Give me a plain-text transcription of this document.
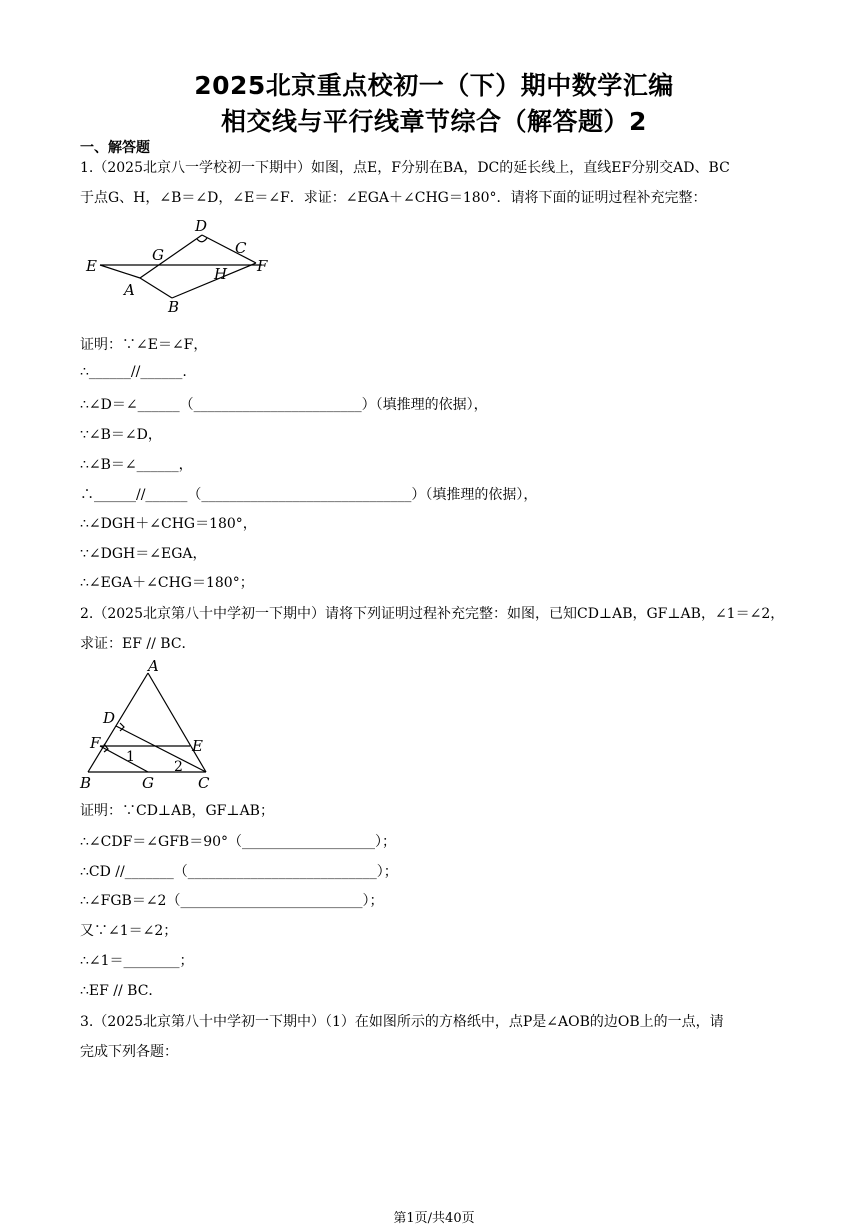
2025北京重点校初一（下）期中数学汇编
相交线与平行线章节综合（解答题）2
一、解答题
1.（2025北京八一学校初一下期中）如图，点E，F分别在BA，DC的延长线上，直线EF分别交AD、BC
于点G、H，∠B＝∠D，∠E＝∠F．求证：∠EGA＋∠CHG＝180°．请将下面的证明过程补充完整：
D
C
G
E	H F
A
B
证明：∵∠E＝∠F，
∴______//______.
∴∠D＝∠______（________________________）（填推理的依据），
∵∠B＝∠D，
∴∠B＝∠______，
∴______//______（______________________________）（填推理的依据），
∴∠DGH＋∠CHG＝180°，
∵∠DGH＝∠EGA，
∴∠EGA＋∠CHG＝180°；
2.（2025北京第八十中学初一下期中）请将下列证明过程补充完整：如图，已知CD⊥AB，GF⊥AB，∠1＝∠2，
求证：EF // BC．
A
D
F	E
1
2
B	G	C
证明：∵CD⊥AB，GF⊥AB；
∴∠CDF＝∠GFB＝90°（___________________）；
∴CD //_______（___________________________）；
∴∠FGB＝∠2（__________________________）；
又∵∠1＝∠2；
∴∠1＝________；
∴EF // BC．
3.（2025北京第八十中学初一下期中）（1）在如图所示的方格纸中，点P是∠AOB的边OB上的一点，请
完成下列各题：
第1页/共40页
